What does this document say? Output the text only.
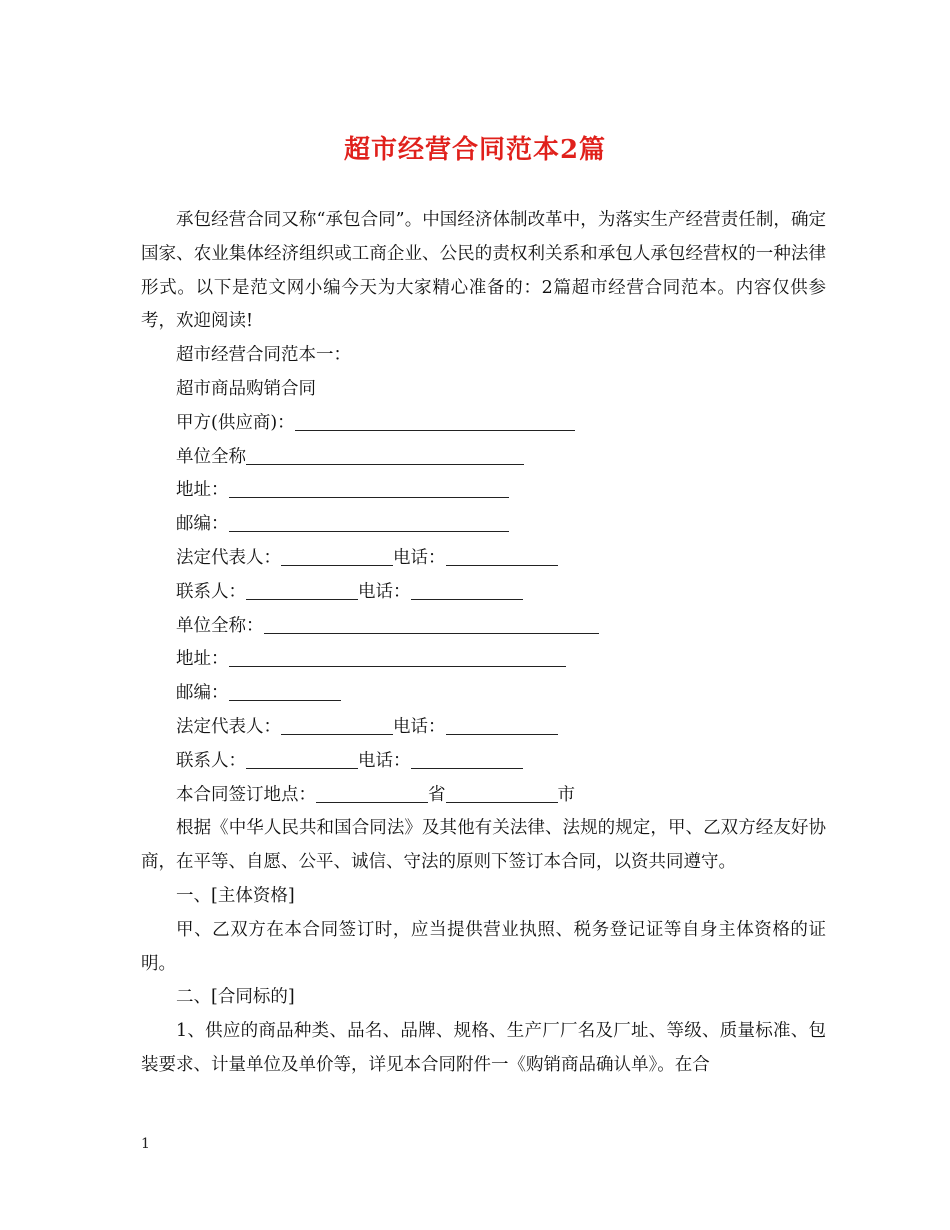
超市经营合同范本2篇

承包经营合同又称“承包合同”。中国经济体制改革中，为落实生产经营责任制，确定国家、农业集体经济组织或工商企业、公民的责权利关系和承包人承包经营权的一种法律形式。以下是范文网小编今天为大家精心准备的：2篇超市经营合同范本。内容仅供参考，欢迎阅读!

超市经营合同范本一：

超市商品购销合同

甲方(供应商)：

单位全称

地址：

邮编：

法定代表人：	电话：

联系人：	电话：

单位全称：

地址：

邮编：

法定代表人：	电话：

联系人：	电话：

本合同签订地点：	省	市

根据《中华人民共和国合同法》及其他有关法律、法规的规定，甲、乙双方经友好协商，在平等、自愿、公平、诚信、守法的原则下签订本合同，以资共同遵守。

一、[主体资格]

甲、乙双方在本合同签订时，应当提供营业执照、税务登记证等自身主体资格的证明。

二、[合同标的]

1、供应的商品种类、品名、品牌、规格、生产厂厂名及厂址、等级、质量标准、包装要求、计量单位及单价等，详见本合同附件一《购销商品确认单》。在合

1
